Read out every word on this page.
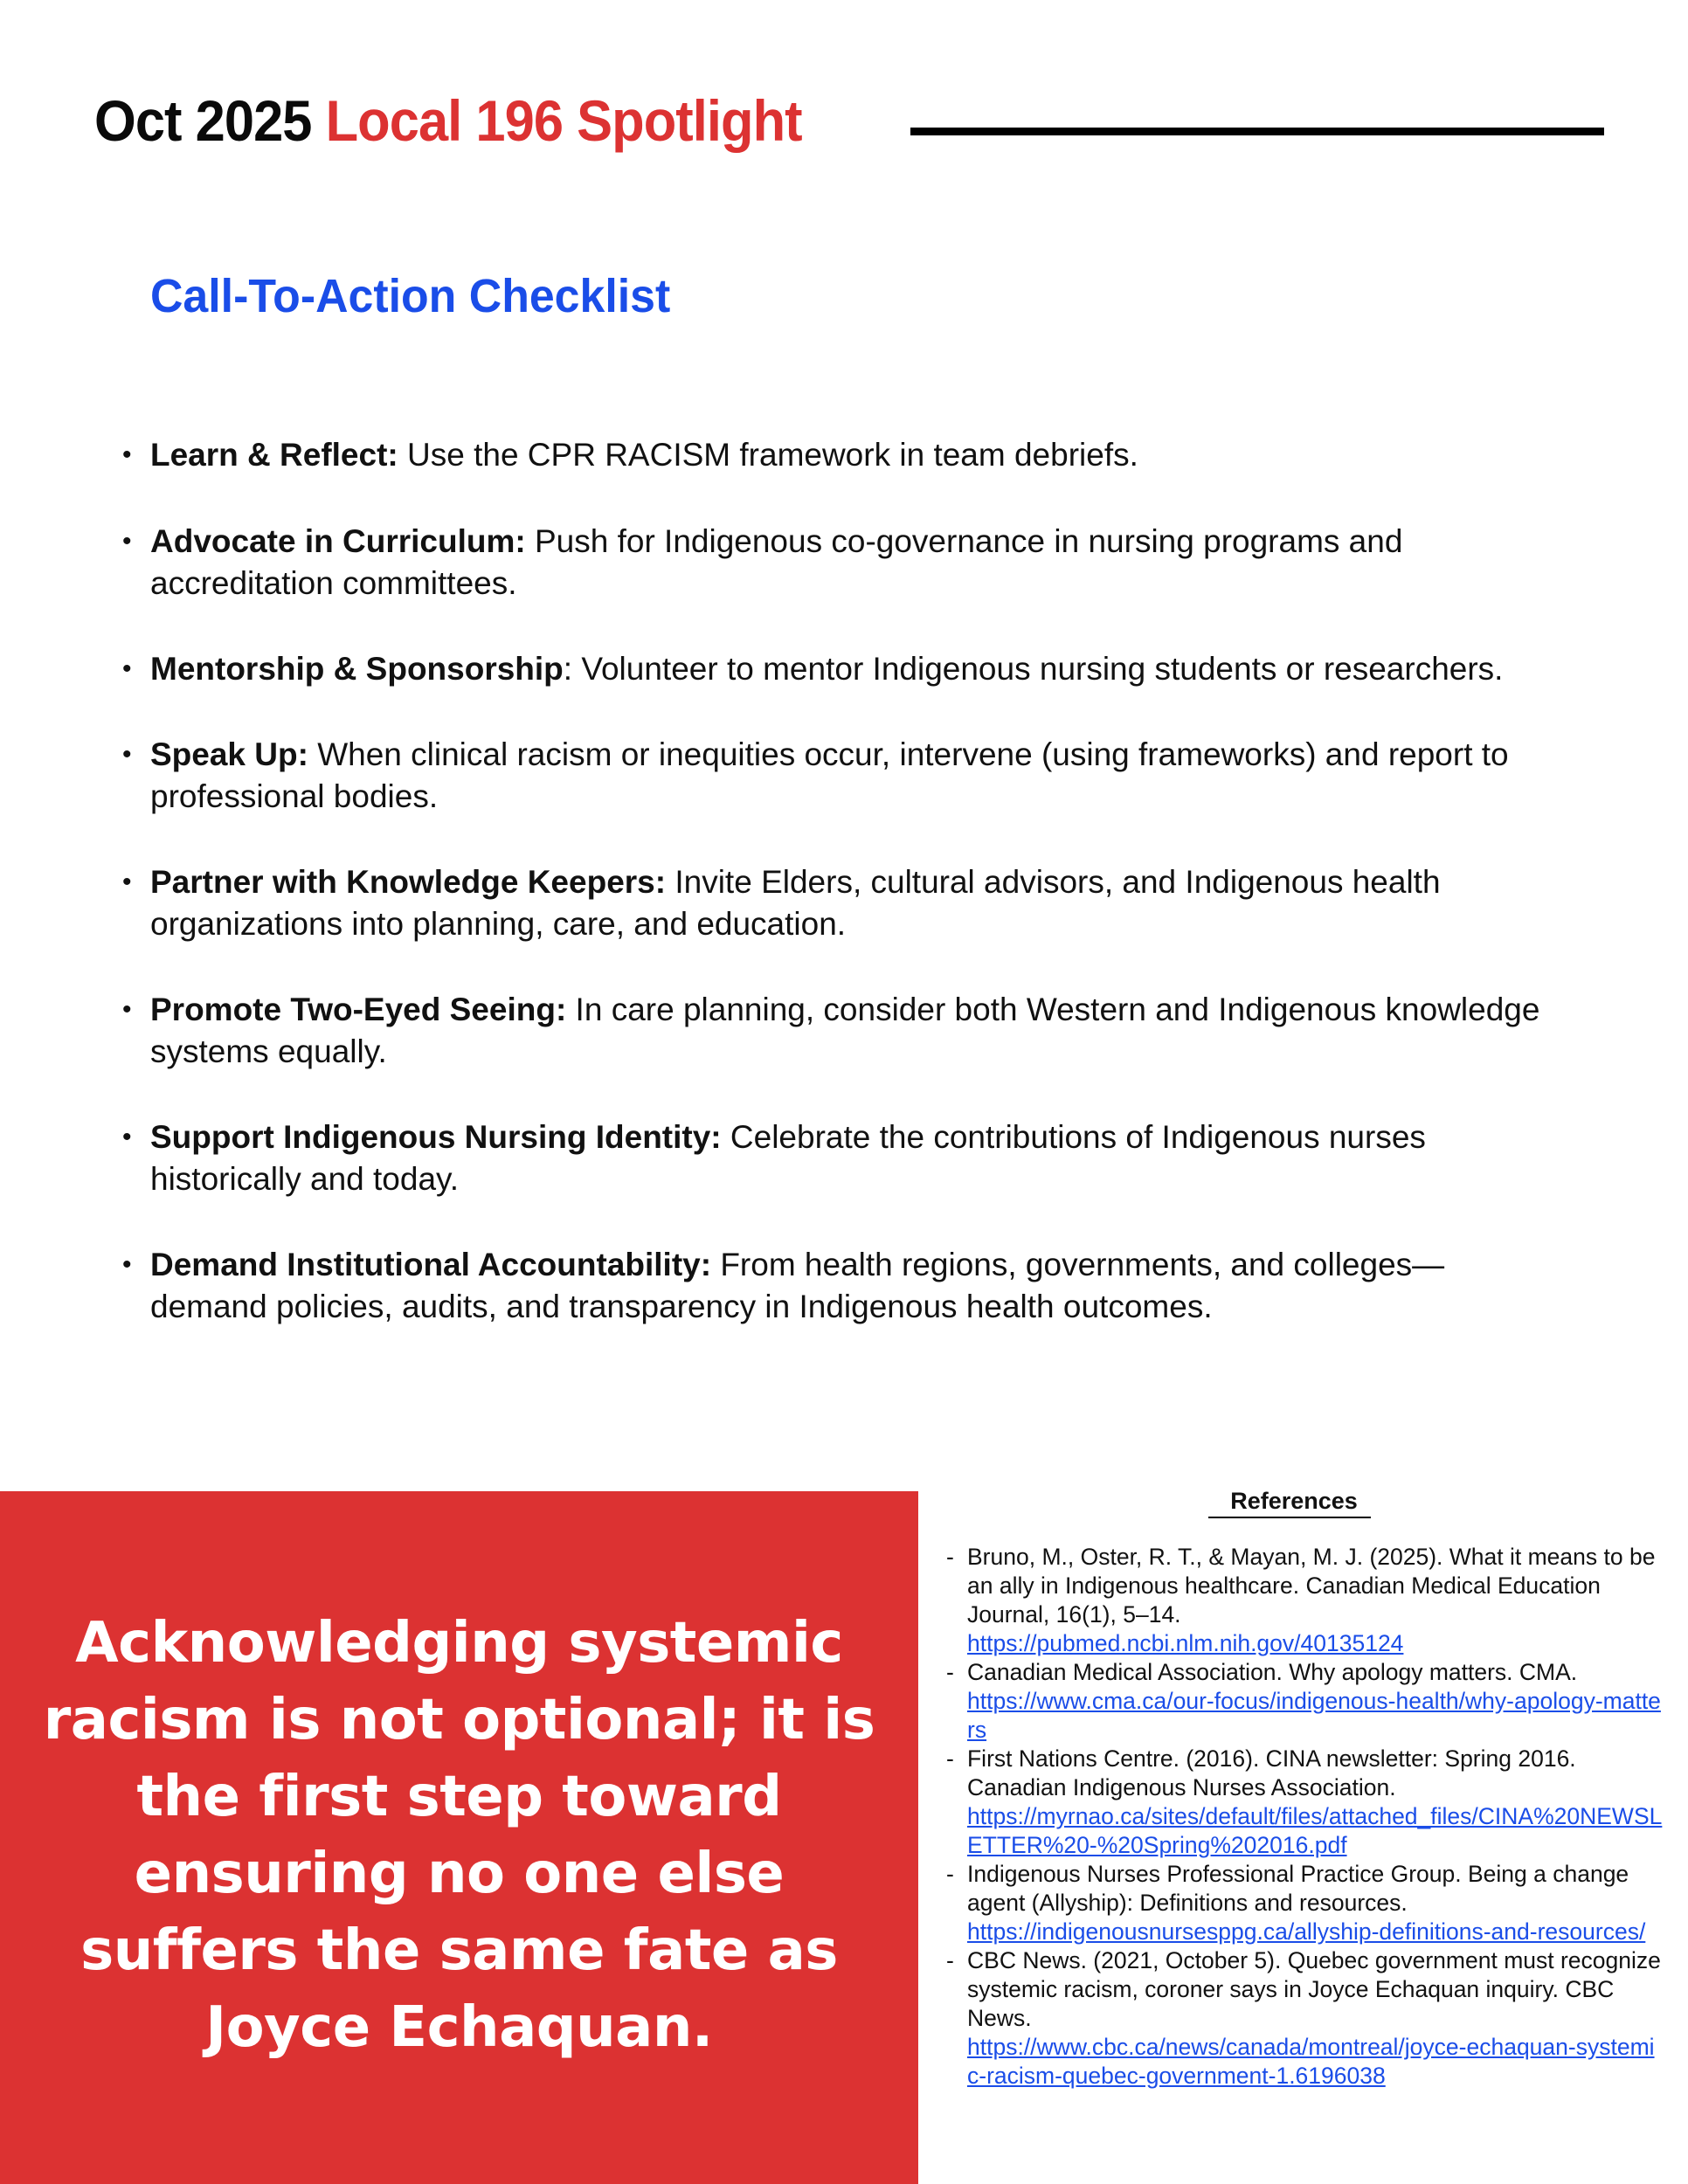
Oct 2025 Local 196 Spotlight
Call-To-Action Checklist
• Learn & Reflect: Use the CPR RACISM framework in team debriefs.
• Advocate in Curriculum: Push for Indigenous co-governance in nursing programs and accreditation committees.
• Mentorship & Sponsorship: Volunteer to mentor Indigenous nursing students or researchers.
• Speak Up: When clinical racism or inequities occur, intervene (using frameworks) and report to professional bodies.
• Partner with Knowledge Keepers: Invite Elders, cultural advisors, and Indigenous health organizations into planning, care, and education.
• Promote Two-Eyed Seeing: In care planning, consider both Western and Indigenous knowledge systems equally.
• Support Indigenous Nursing Identity: Celebrate the contributions of Indigenous nurses historically and today.
• Demand Institutional Accountability: From health regions, governments, and colleges— demand policies, audits, and transparency in Indigenous health outcomes.
Acknowledging systemic racism is not optional; it is the first step toward ensuring no one else suffers the same fate as Joyce Echaquan.
References
- Bruno, M., Oster, R. T., & Mayan, M. J. (2025). What it means to be an ally in Indigenous healthcare. Canadian Medical Education Journal, 16(1), 5–14.
https://pubmed.ncbi.nlm.nih.gov/40135124
- Canadian Medical Association. Why apology matters. CMA.
https://www.cma.ca/our-focus/indigenous-health/why-apology-matters
- First Nations Centre. (2016). CINA newsletter: Spring 2016. Canadian Indigenous Nurses Association.
https://myrnao.ca/sites/default/files/attached_files/CINA%20NEWSLETTER%20-%20Spring%202016.pdf
- Indigenous Nurses Professional Practice Group. Being a change agent (Allyship): Definitions and resources.
https://indigenousnursesppg.ca/allyship-definitions-and-resources/
- CBC News. (2021, October 5). Quebec government must recognize systemic racism, coroner says in Joyce Echaquan inquiry. CBC News.
https://www.cbc.ca/news/canada/montreal/joyce-echaquan-systemic-racism-quebec-government-1.6196038
